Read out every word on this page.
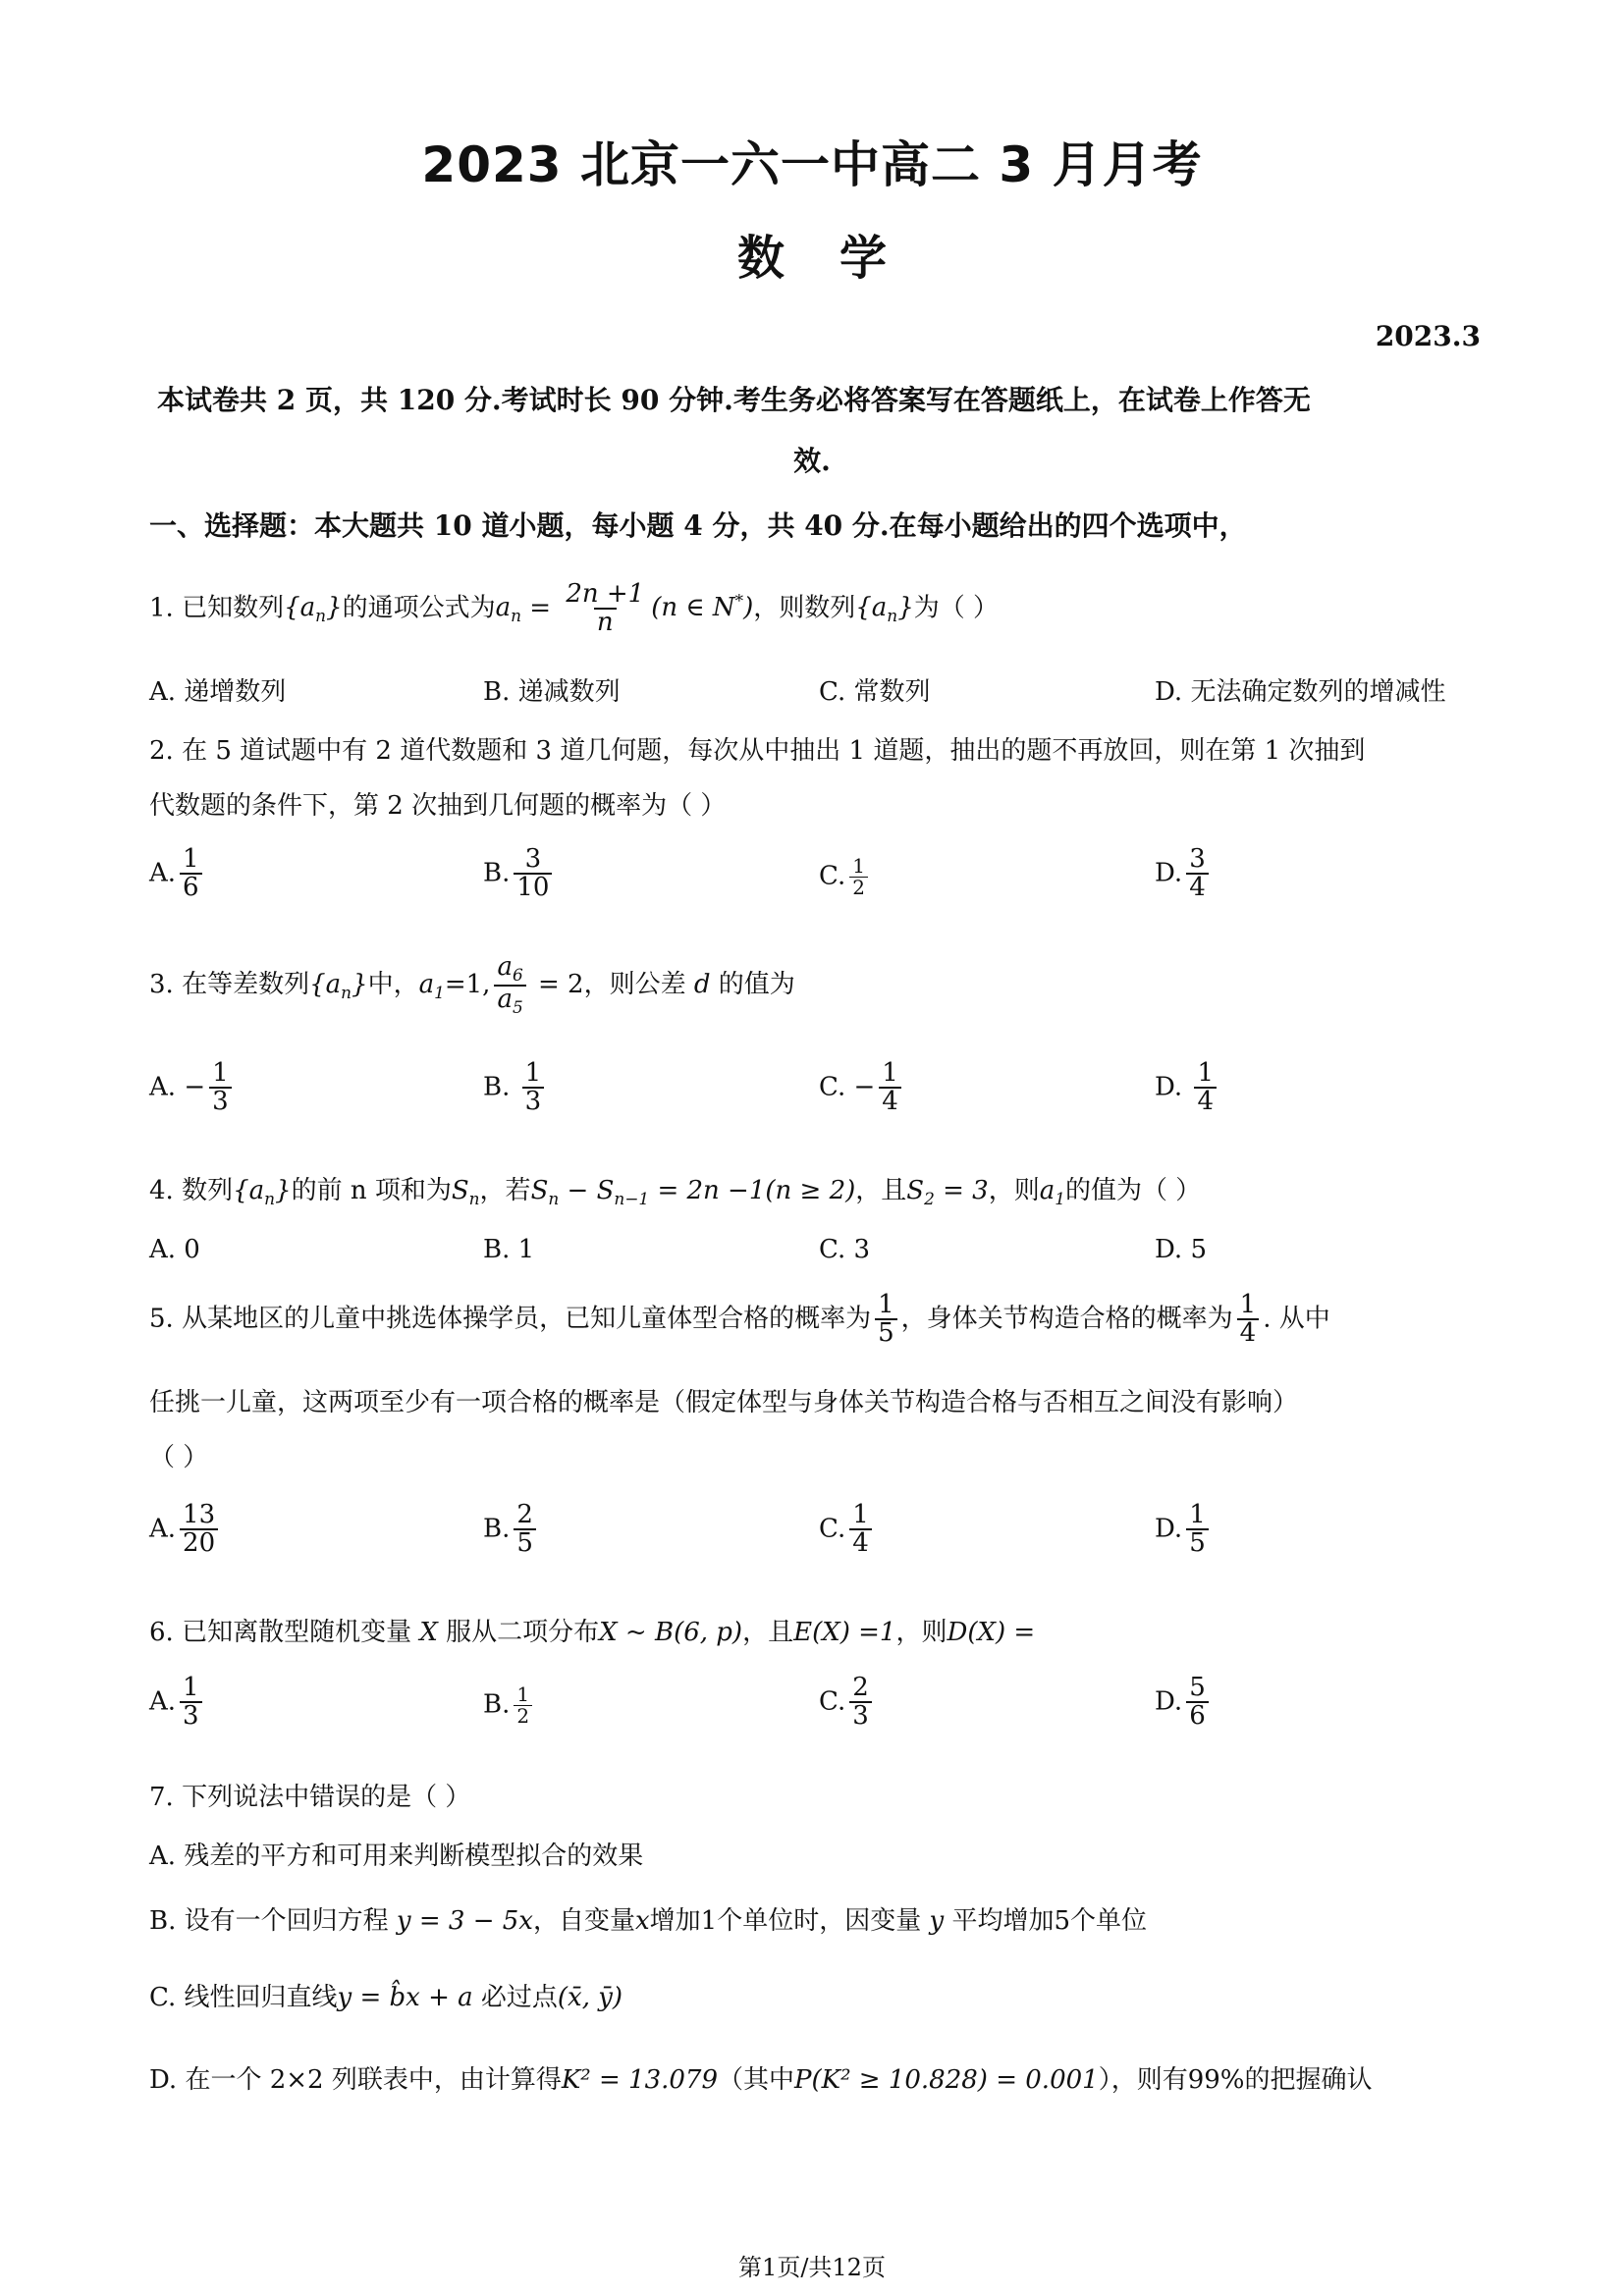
2023 北京一六一中高二 3 月月考
数学
2023.3
本试卷共 2 页，共 120 分.考试时长 90 分钟.考生务必将答案写在答题纸上，在试卷上作答无
效.
一、选择题：本大题共 10 道小题，每小题 4 分，共 40 分.在每小题给出的四个选项中，
1. 已知数列$\{a_n\}$的通项公式为$a_n = \frac{2n +1}{n} (n$ ∈ N*)，则数列$\{a_n\}$为（ ）
A. 递增数列	B. 递减数列	C. 常数列	D. 无法确定数列的增减性
2. 在 5 道试题中有 2 道代数题和 3 道几何题，每次从中抽出 1 道题，抽出的题不再放回，则在第 1 次抽到
代数题的条件下，第 2 次抽到几何题的概率为（ ）
A. $\frac{1}{6}$	B. $\frac{3}{10}$	C. $\frac{1}{2}$	D. $\frac{3}{4}$
3. 在等差数列$\{a_n\}$中，$a_1=1$, $\frac{a_6}{a_5} = 2$，则公差 d 的值为
A. − $\frac{1}{3}$	B. $\frac{1}{3}$	C. − $\frac{1}{4}$	D. $\frac{1}{4}$
4. 数列$\{a_n\}$的前 n 项和为$S_n$，若$S_n - S_{n-1} = 2n -1(n \ge 2)$，且$S_2 = 3$，则$a_1$的值为（ ）
A. 0	B. 1	C. 3	D. 5
5. 从某地区的儿童中挑选体操学员，已知儿童体型合格的概率为 $\frac{1}{5}$ ，身体关节构造合格的概率为 $\frac{1}{4}$ . 从中
任挑一儿童，这两项至少有一项合格的概率是（假定体型与身体关节构造合格与否相互之间没有影响）
（ ）
A. $\frac{13}{20}$	B. $\frac{2}{5}$	C. $\frac{1}{4}$	D. $\frac{1}{5}$
6. 已知离散型随机变量 X 服从二项分布X ~ B(6, p)，且E(X) =1，则D(X) =
A. $\frac{1}{3}$	B. $\frac{1}{2}$	C. $\frac{2}{3}$	D. $\frac{5}{6}$
7. 下列说法中错误的是（ ）
A. 残差的平方和可用来判断模型拟合的效果
B. 设有一个回归方程 y = 3 − 5x，自变量x增加1个单位时，因变量 y 平均增加5个单位
C. 线性回归直线y = b̂x + a 必过点(x̄, ȳ)
D. 在一个 2×2 列联表中，由计算得K² = 13.079（其中P(K² ≥ 10.828) = 0.001），则有99%的把握确认
第1页/共12页
